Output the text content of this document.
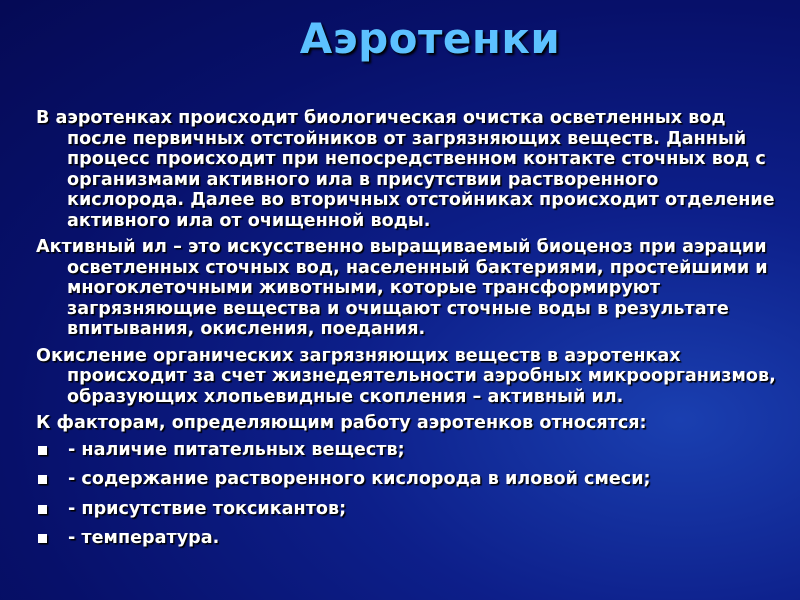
Аэротенки
В аэротенках происходит биологическая очистка осветленных вод после первичных отстойников от загрязняющих веществ. Данный процесс происходит при непосредственном контакте сточных вод с организмами активного ила в присутствии растворенного кислорода. Далее во вторичных отстойниках происходит отделение активного ила от очищенной воды.
Активный ил – это искусственно выращиваемый биоценоз при аэрации осветленных сточных вод, населенный бактериями, простейшими и многоклеточными животными, которые трансформируют загрязняющие вещества и очищают сточные воды в результате впитывания, окисления, поедания.
Окисление органических загрязняющих веществ в аэротенках происходит за счет жизнедеятельности аэробных микроорганизмов, образующих хлопьевидные скопления – активный ил.
К факторам, определяющим работу аэротенков относятся:
- наличие питательных веществ;
- содержание растворенного кислорода в иловой смеси;
- присутствие токсикантов;
- температура.
